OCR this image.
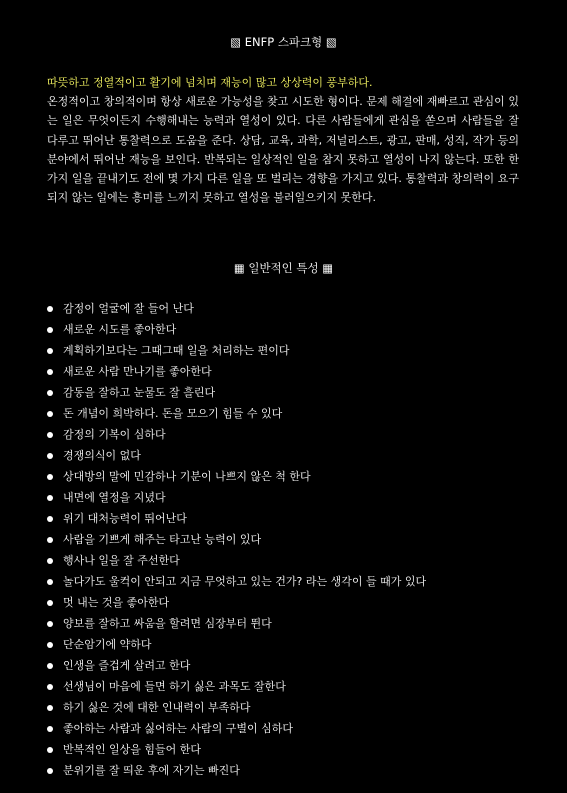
▧ ENFP 스파크형 ▧
따뜻하고 정열적이고 활기에 넘치며 재능이 많고 상상력이 풍부하다.
온정적이고 창의적이며 항상 새로운 가능성을 찾고 시도한 형이다. 문제 해결에 재빠르고 관심이 있는 일은 무엇이든지 수행해내는 능력과 열성이 있다. 다른 사람들에게 관심을 쏟으며 사람들을 잘 다루고 뛰어난 통찰력으로 도움을 준다. 상담, 교육, 과학, 저널리스트, 광고, 판매, 성직, 작가 등의 분야에서 뛰어난 재능을 보인다. 반복되는 일상적인 일을 참지 못하고 열성이 나지 않는다. 또한 한가지 일을 끝내기도 전에 몇 가지 다른 일을 또 벌리는 경향을 가지고 있다. 통찰력과 창의력이 요구되지 않는 일에는 흥미를 느끼지 못하고 열성을 불러일으키지 못한다.
▦ 일반적인 특성 ▦
감정이 얼굴에 잘 들어 난다
새로운 시도를 좋아한다
계획하기보다는 그때그때 일을 처리하는 편이다
새로운 사람 만나기를 좋아한다
감동을 잘하고 눈물도 잘 흘린다
돈 개념이 희박하다. 돈을 모으기 힘들 수 있다
감정의 기복이 심하다
경쟁의식이 없다
상대방의 말에 민감하나 기분이 나쁘지 않은 척 한다
내면에 열정을 지녔다
위기 대처능력이 뛰어난다
사람을 기쁘게 해주는 타고난 능력이 있다
행사나 일을 잘 주선한다
놀다가도 울컥이 안되고 지금 무엇하고 있는 건가? 라는 생각이 들 때가 있다
멋 내는 것을 좋아한다
양보를 잘하고 싸움을 할려면 심장부터 뛴다
단순암기에 약하다
인생을 즐겁게 살려고 한다
선생님이 마음에 들면 하기 싫은 과목도 잘한다
하기 싫은 것에 대한 인내력이 부족하다
좋아하는 사람과 싫어하는 사람의 구별이 심하다
반복적인 일상을 힘들어 한다
분위기를 잘 띄운 후에 자기는 빠진다
